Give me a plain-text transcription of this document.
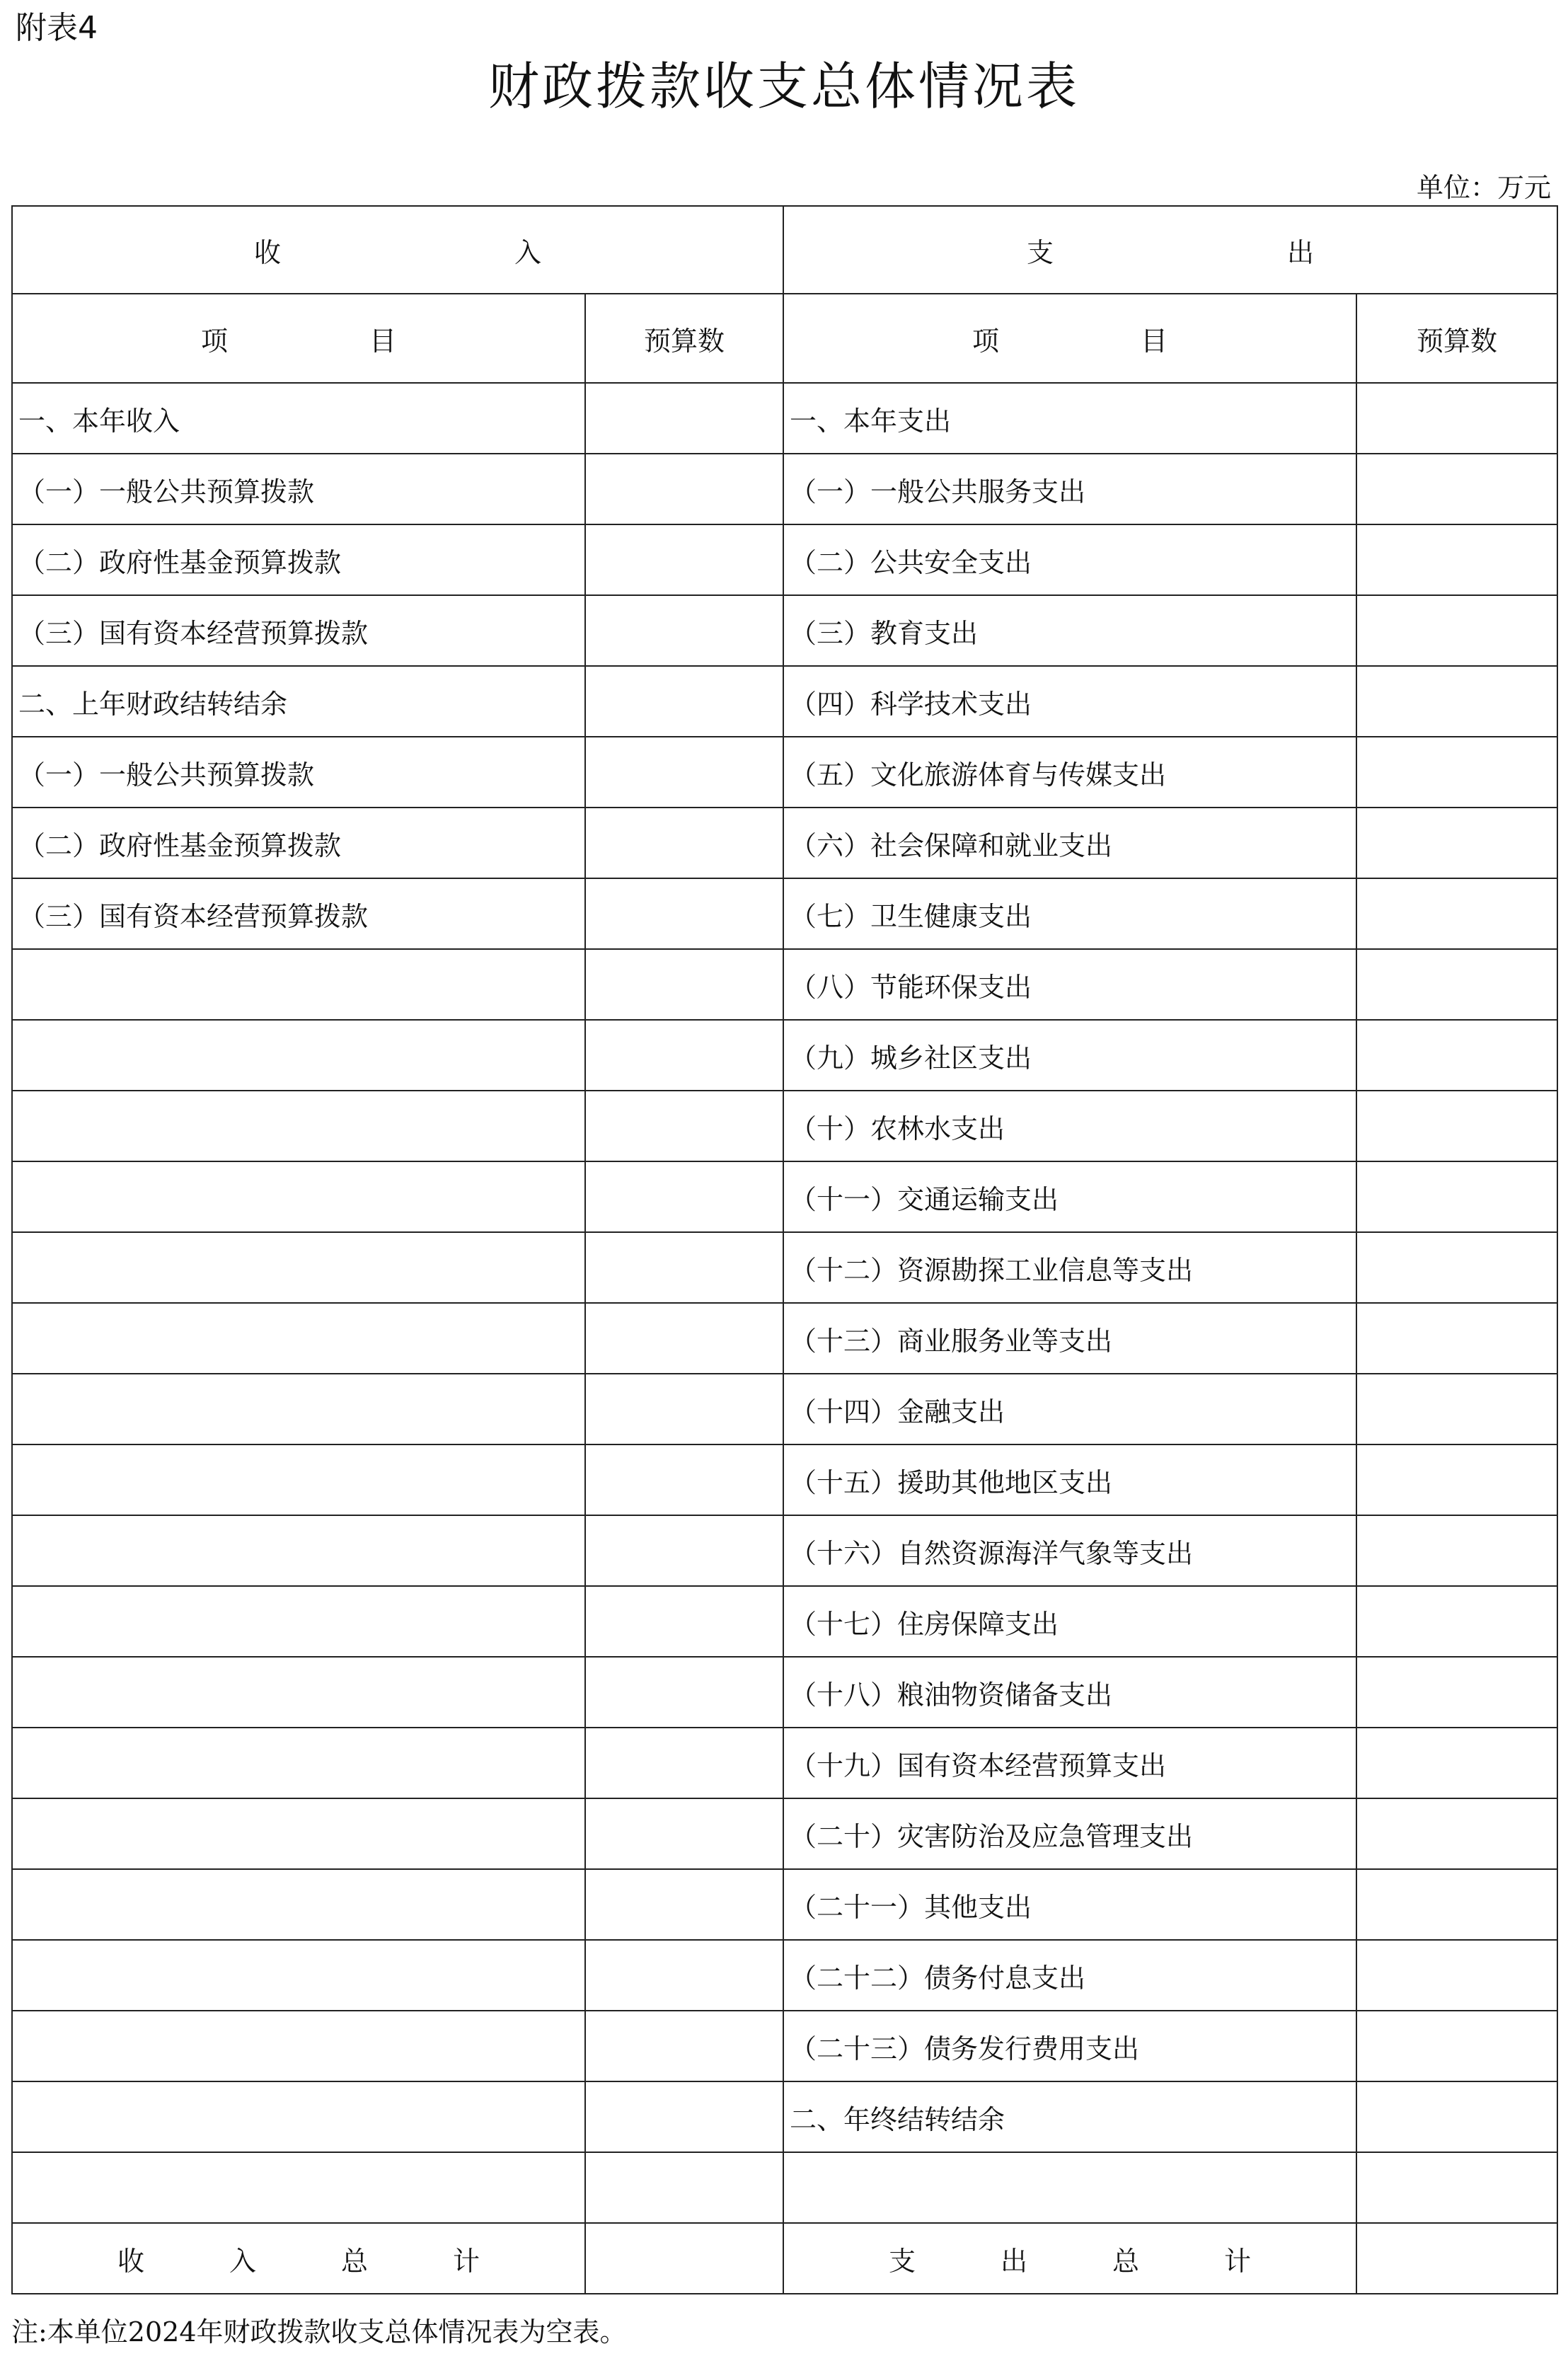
附表4
财政拨款收支总体情况表
单位：万元
收 入		支 出	
项 目	预算数	项 目	预算数
一、本年收入		一、本年支出	
（一）一般公共预算拨款		（一）一般公共服务支出	
（二）政府性基金预算拨款		（二）公共安全支出	
（三）国有资本经营预算拨款		（三）教育支出	
二、上年财政结转结余		（四）科学技术支出	
（一）一般公共预算拨款		（五）文化旅游体育与传媒支出	
（二）政府性基金预算拨款		（六）社会保障和就业支出	
（三）国有资本经营预算拨款		（七）卫生健康支出	
		（八）节能环保支出	
		（九）城乡社区支出	
		（十）农林水支出	
		（十一）交通运输支出	
		（十二）资源勘探工业信息等支出	
		（十三）商业服务业等支出	
		（十四）金融支出	
		（十五）援助其他地区支出	
		（十六）自然资源海洋气象等支出	
		（十七）住房保障支出	
		（十八）粮油物资储备支出	
		（十九）国有资本经营预算支出	
		（二十）灾害防治及应急管理支出	
		（二十一）其他支出	
		（二十二）债务付息支出	
		（二十三）债务发行费用支出	
		二、年终结转结余	

收 入 总 计		支 出 总 计	
注:本单位2024年财政拨款收支总体情况表为空表。
